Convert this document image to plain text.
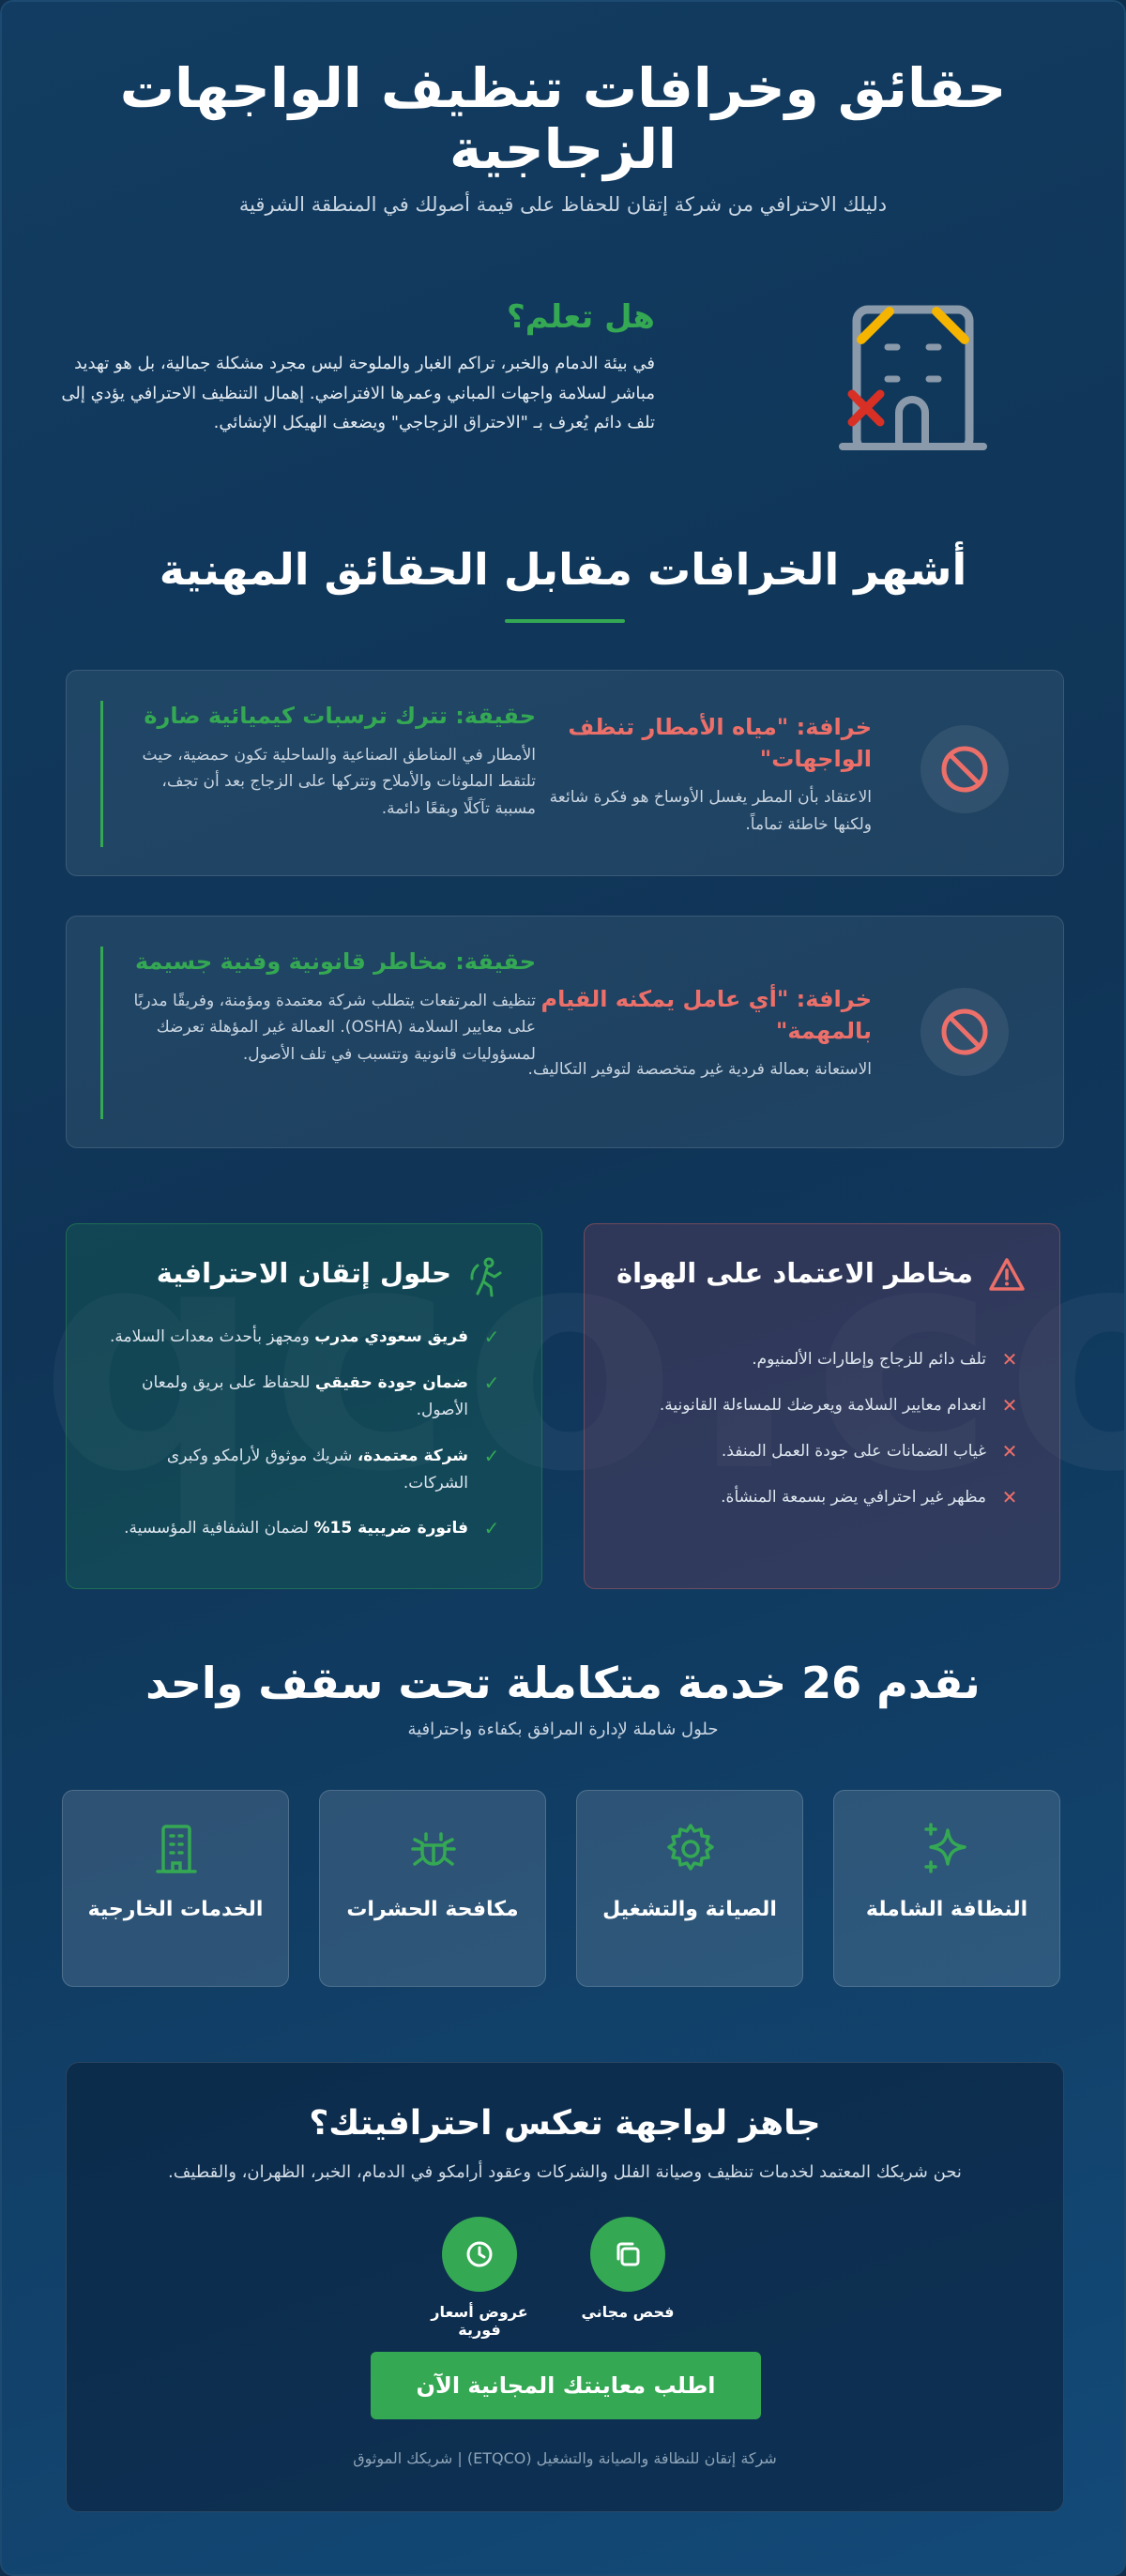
حقائق وخرافات تنظيف الواجهات الزجاجية

دليلك الاحترافي من شركة إتقان للحفاظ على قيمة أصولك في المنطقة الشرقية

هل تعلم؟

في بيئة الدمام والخبر، تراكم الغبار والملوحة ليس مجرد مشكلة جمالية، بل هو تهديد مباشر لسلامة واجهات المباني وعمرها الافتراضي. إهمال التنظيف الاحترافي يؤدي إلى تلف دائم يُعرف بـ "الاحتراق الزجاجي" ويضعف الهيكل الإنشائي.

أشهر الخرافات مقابل الحقائق المهنية
خرافة: "مياه الأمطار تنظف الواجهات"

الاعتقاد بأن المطر يغسل الأوساخ هو فكرة شائعة ولكنها خاطئة تماماً.

حقيقة: تترك ترسبات كيميائية ضارة

الأمطار في المناطق الصناعية والساحلية تكون حمضية، حيث تلتقط الملوثات والأملاح وتتركها على الزجاج بعد أن تجف، مسببة تآكلًا وبقعًا دائمة.

خرافة: "أي عامل يمكنه القيام بالمهمة"

الاستعانة بعمالة فردية غير متخصصة لتوفير التكاليف.

حقيقة: مخاطر قانونية وفنية جسيمة

تنظيف المرتفعات يتطلب شركة معتمدة ومؤمنة، وفريقًا مدربًا على معايير السلامة (OSHA). العمالة غير المؤهلة تعرضك لمسؤوليات قانونية وتتسبب في تلف الأصول.

مخاطر الاعتماد على الهواة
✕
تلف دائم للزجاج وإطارات الألمنيوم.
✕
انعدام معايير السلامة ويعرضك للمساءلة القانونية.
✕
غياب الضمانات على جودة العمل المنفذ.
✕
مظهر غير احترافي يضر بسمعة المنشأة.
حلول إتقان الاحترافية
✓
فريق سعودي مدرب ومجهز بأحدث معدات السلامة.
✓
ضمان جودة حقيقي للحفاظ على بريق ولمعان الأصول.
✓
شركة معتمدة، شريك موثوق لأرامكو وكبرى الشركات.
✓
فاتورة ضريبية 15% لضمان الشفافية المؤسسية.
نقدم 26 خدمة متكاملة تحت سقف واحد

حلول شاملة لإدارة المرافق بكفاءة واحترافية

النظافة الشاملة
الصيانة والتشغيل
مكافحة الحشرات
الخدمات الخارجية
جاهز لواجهة تعكس احترافيتك؟

نحن شريكك المعتمد لخدمات تنظيف وصيانة الفلل والشركات وعقود أرامكو في الدمام، الخبر، الظهران، والقطيف.

فحص مجاني
عروض أسعار فورية
اطلب معاينتك المجانية الآن

شركة إتقان للنظافة والصيانة والتشغيل (ETQCO) | شريكك الموثوق
